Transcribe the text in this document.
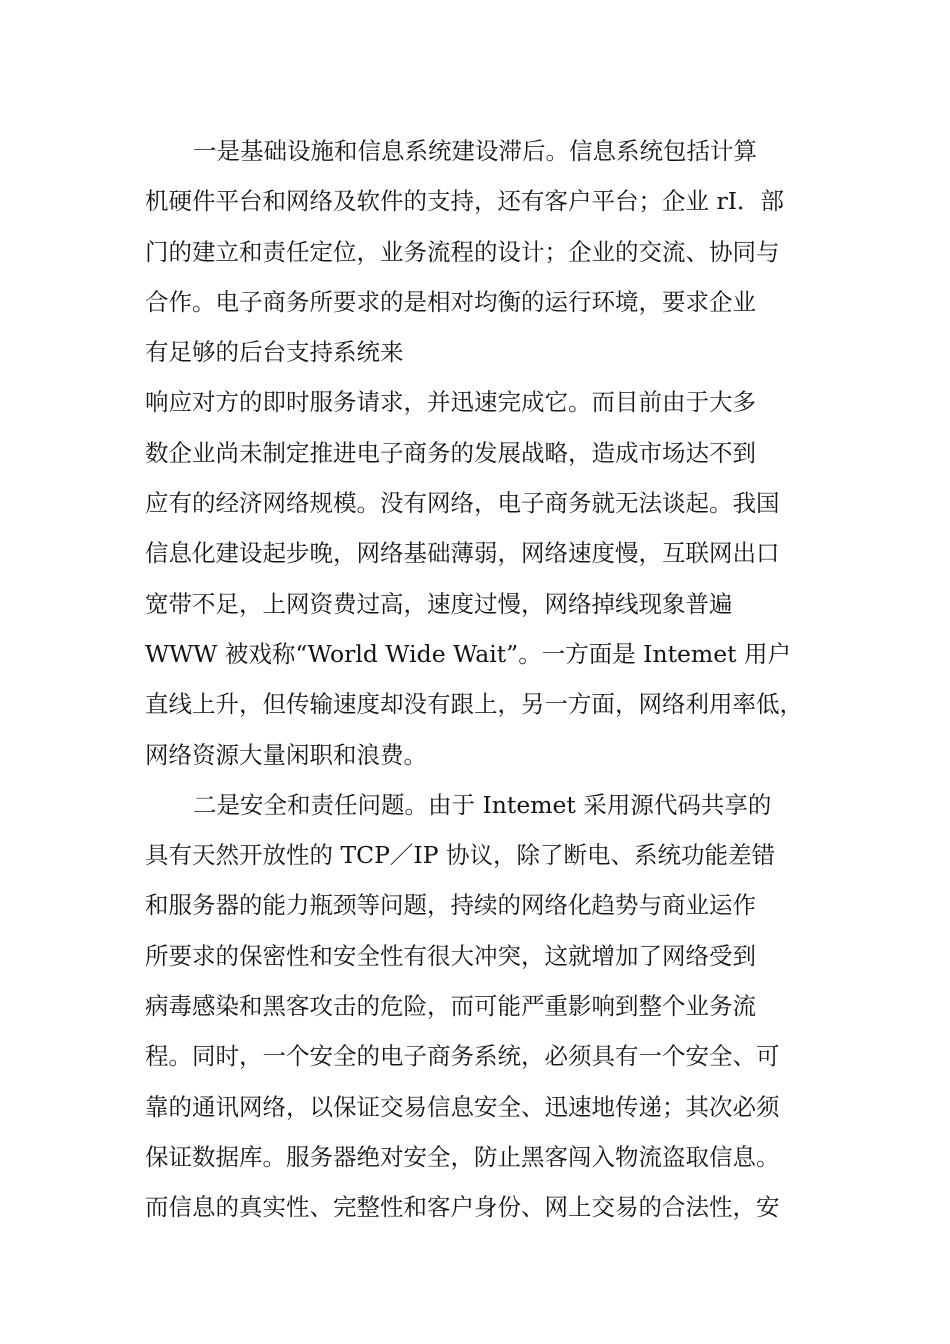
一是基础设施和信息系统建设滞后。信息系统包括计算
机硬件平台和网络及软件的支持，还有客户平台；企业 rI．部
门的建立和责任定位，业务流程的设计；企业的交流、协同与
合作。电子商务所要求的是相对均衡的运行环境，要求企业
有足够的后台支持系统来
响应对方的即时服务请求，并迅速完成它。而目前由于大多
数企业尚未制定推进电子商务的发展战略，造成市场达不到
应有的经济网络规模。没有网络，电子商务就无法谈起。我国
信息化建设起步晚，网络基础薄弱，网络速度慢，互联网出口
宽带不足，上网资费过高，速度过慢，网络掉线现象普遍
WWW 被戏称“World Wide Wait”。一方面是 Intemet 用户
直线上升，但传输速度却没有跟上，另一方面，网络利用率低，
网络资源大量闲职和浪费。
二是安全和责任问题。由于 Intemet 采用源代码共享的
具有天然开放性的 TCP／IP 协议，除了断电、系统功能差错
和服务器的能力瓶颈等问题，持续的网络化趋势与商业运作
所要求的保密性和安全性有很大冲突，这就增加了网络受到
病毒感染和黑客攻击的危险，而可能严重影响到整个业务流
程。同时，一个安全的电子商务系统，必须具有一个安全、可
靠的通讯网络，以保证交易信息安全、迅速地传递；其次必须
保证数据库。服务器绝对安全，防止黑客闯入物流盗取信息。
而信息的真实性、完整性和客户身份、网上交易的合法性，安
